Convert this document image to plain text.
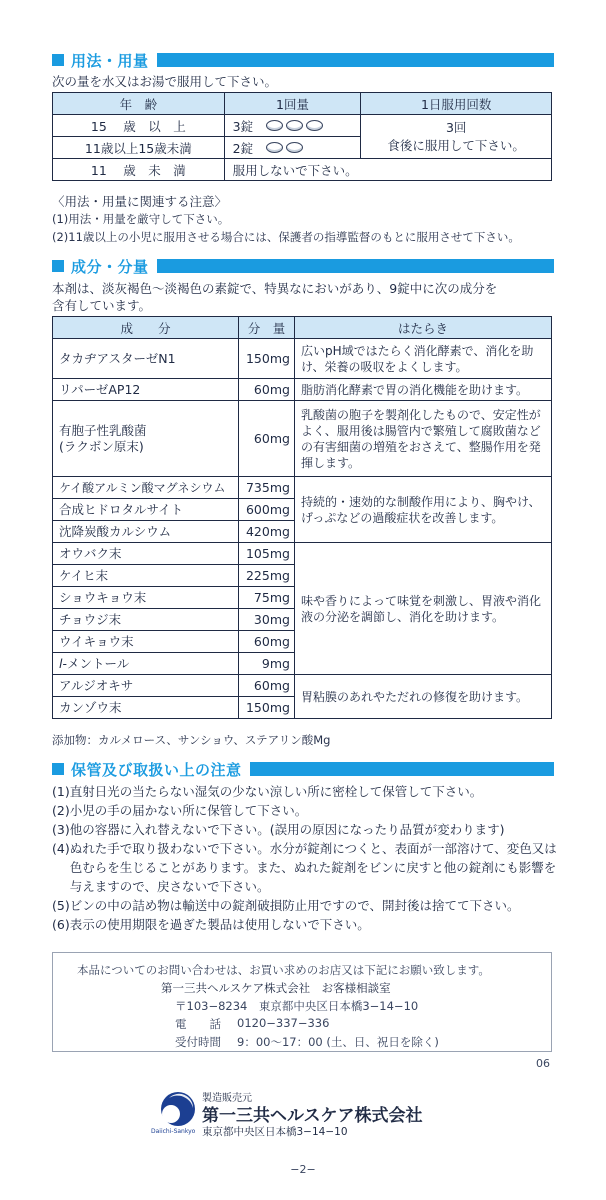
用法・用量
次の量を水又はお湯で服用して下さい。
年　齢	1回量	1日服用回数
15　 歳　以　上	3錠	3回
食後に服用して下さい。

11歳以上15歳未満	2錠	
11　 歳　未　満	服用しないで下さい。	
〈用法・用量に関連する注意〉
(1)用法・用量を厳守して下さい。
(2)11歳以上の小児に服用させる場合には、保護者の指導監督のもとに服用させて下さい。
成分・分量
本剤は、淡灰褐色～淡褐色の素錠で、特異なにおいがあり、9錠中に次の成分を
含有しています。
成　　分	分　量	はたらき
タカヂアスターゼN1	150mg	広いpH域ではたらく消化酵素で、消化を助け、栄養の吸収をよくします。
リパーゼAP12	60mg	脂肪消化酵素で胃の消化機能を助けます。

有胞子性乳酸菌
(ラクボン原末)	60mg	乳酸菌の胞子を製剤化したもので、安定性がよく、服用後は腸管内で繁殖して腐敗菌などの有害細菌の増殖をおさえて、整腸作用を発揮します。
ケイ酸アルミン酸マグネシウム	735mg	持続的・速効的な制酸作用により、胸やけ、げっぷなどの過酸症状を改善します。
合成ヒドロタルサイト	600mg	
沈降炭酸カルシウム	420mg	
オウバク末	105mg	味や香りによって味覚を刺激し、胃液や消化液の分泌を調節し、消化を助けます。
ケイヒ末	225mg	
ショウキョウ末	75mg	
チョウジ末	30mg	
ウイキョウ末	60mg	
l-メントール	9mg	
アルジオキサ	60mg	胃粘膜のあれやただれの修復を助けます。
カンゾウ末	150mg	
添加物：カルメロース、サンショウ、ステアリン酸Mg
保管及び取扱い上の注意
(1) 直射日光の当たらない湿気の少ない涼しい所に密栓して保管して下さい。
(2) 小児の手の届かない所に保管して下さい。
(3) 他の容器に入れ替えないで下さい。(誤用の原因になったり品質が変わります)
(4) ぬれた手で取り扱わないで下さい。水分が錠剤につくと、表面が一部溶けて、変色又は色むらを生じることがあります。また、ぬれた錠剤をビンに戻すと他の錠剤にも影響を与えますので、戻さないで下さい。
(5) ビンの中の詰め物は輸送中の錠剤破損防止用ですので、開封後は捨てて下さい。
(6) 表示の使用期限を過ぎた製品は使用しないで下さい。
本品についてのお問い合わせは、お買い求めのお店又は下記にお願い致します。
第一三共ヘルスケア株式会社　お客様相談室
〒103−8234　東京都中央区日本橋3−14−10
電　　話 0120−337−336
受付時間 9：00〜17：00 (土、日、祝日を除く)
06
Daiichi-Sankyo
製造販売元
第一三共ヘルスケア株式会社
東京都中央区日本橋3−14−10
−2−
